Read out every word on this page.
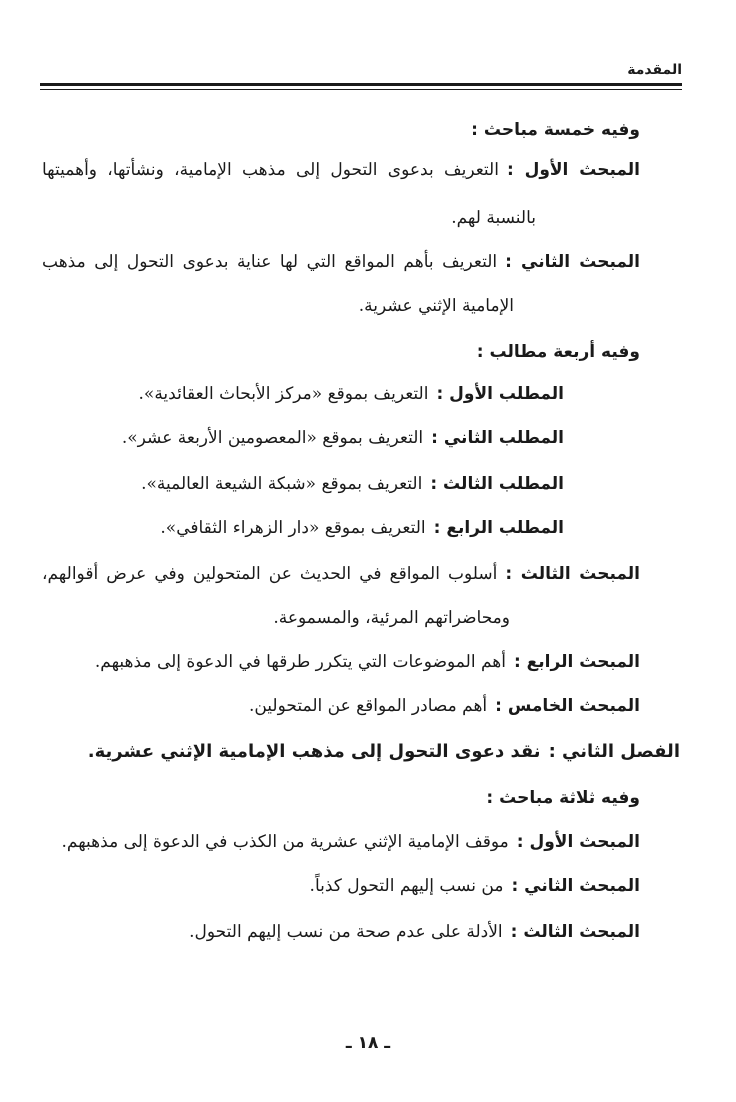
المقدمة
وفيه خمسة مباحث :
المبحث الأول :التعريف بدعوى التحول إلى مذهب الإمامية، ونشأتها، وأهميتها
بالنسبة لهم.
المبحث الثاني :التعريف بأهم المواقع التي لها عناية بدعوى التحول إلى مذهب
الإمامية الإثني عشرية.
وفيه أربعة مطالب :
المطلب الأول :التعريف بموقع «مركز الأبحاث العقائدية».
المطلب الثاني :التعريف بموقع «المعصومين الأربعة عشر».
المطلب الثالث :التعريف بموقع «شبكة الشيعة العالمية».
المطلب الرابع :التعريف بموقع «دار الزهراء الثقافي».
المبحث الثالث :أسلوب المواقع في الحديث عن المتحولين وفي عرض أقوالهم،
ومحاضراتهم المرئية، والمسموعة.
المبحث الرابع :أهم الموضوعات التي يتكرر طرقها في الدعوة إلى مذهبهم.
المبحث الخامس :أهم مصادر المواقع عن المتحولين.
الفصل الثاني :نقد دعوى التحول إلى مذهب الإمامية الإثني عشرية.
وفيه ثلاثة مباحث :
المبحث الأول :موقف الإمامية الإثني عشرية من الكذب في الدعوة إلى مذهبهم.
المبحث الثاني :من نسب إليهم التحول كذباً.
المبحث الثالث :الأدلة على عدم صحة من نسب إليهم التحول.
ـ ١٨ ـ
